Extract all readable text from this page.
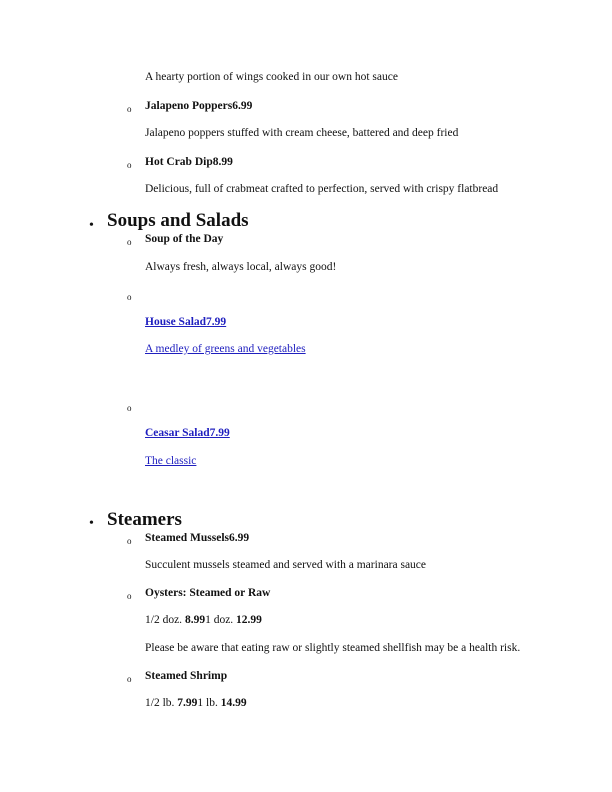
A hearty portion of wings cooked in our own hot sauce
o Jalapeno Poppers6.99
Jalapeno poppers stuffed with cream cheese, battered and deep fried
o Hot Crab Dip8.99
Delicious, full of crabmeat crafted to perfection, served with crispy flatbread
• Soups and Salads
o Soup of the Day
Always fresh, always local, always good!
o
House Salad7.99
A medley of greens and vegetables
o
Ceasar Salad7.99
The classic
• Steamers
o Steamed Mussels6.99
Succulent mussels steamed and served with a marinara sauce
o Oysters: Steamed or Raw
1/2 doz. 8.991 doz. 12.99
Please be aware that eating raw or slightly steamed shellfish may be a health risk.
o Steamed Shrimp
1/2 lb. 7.991 lb. 14.99
